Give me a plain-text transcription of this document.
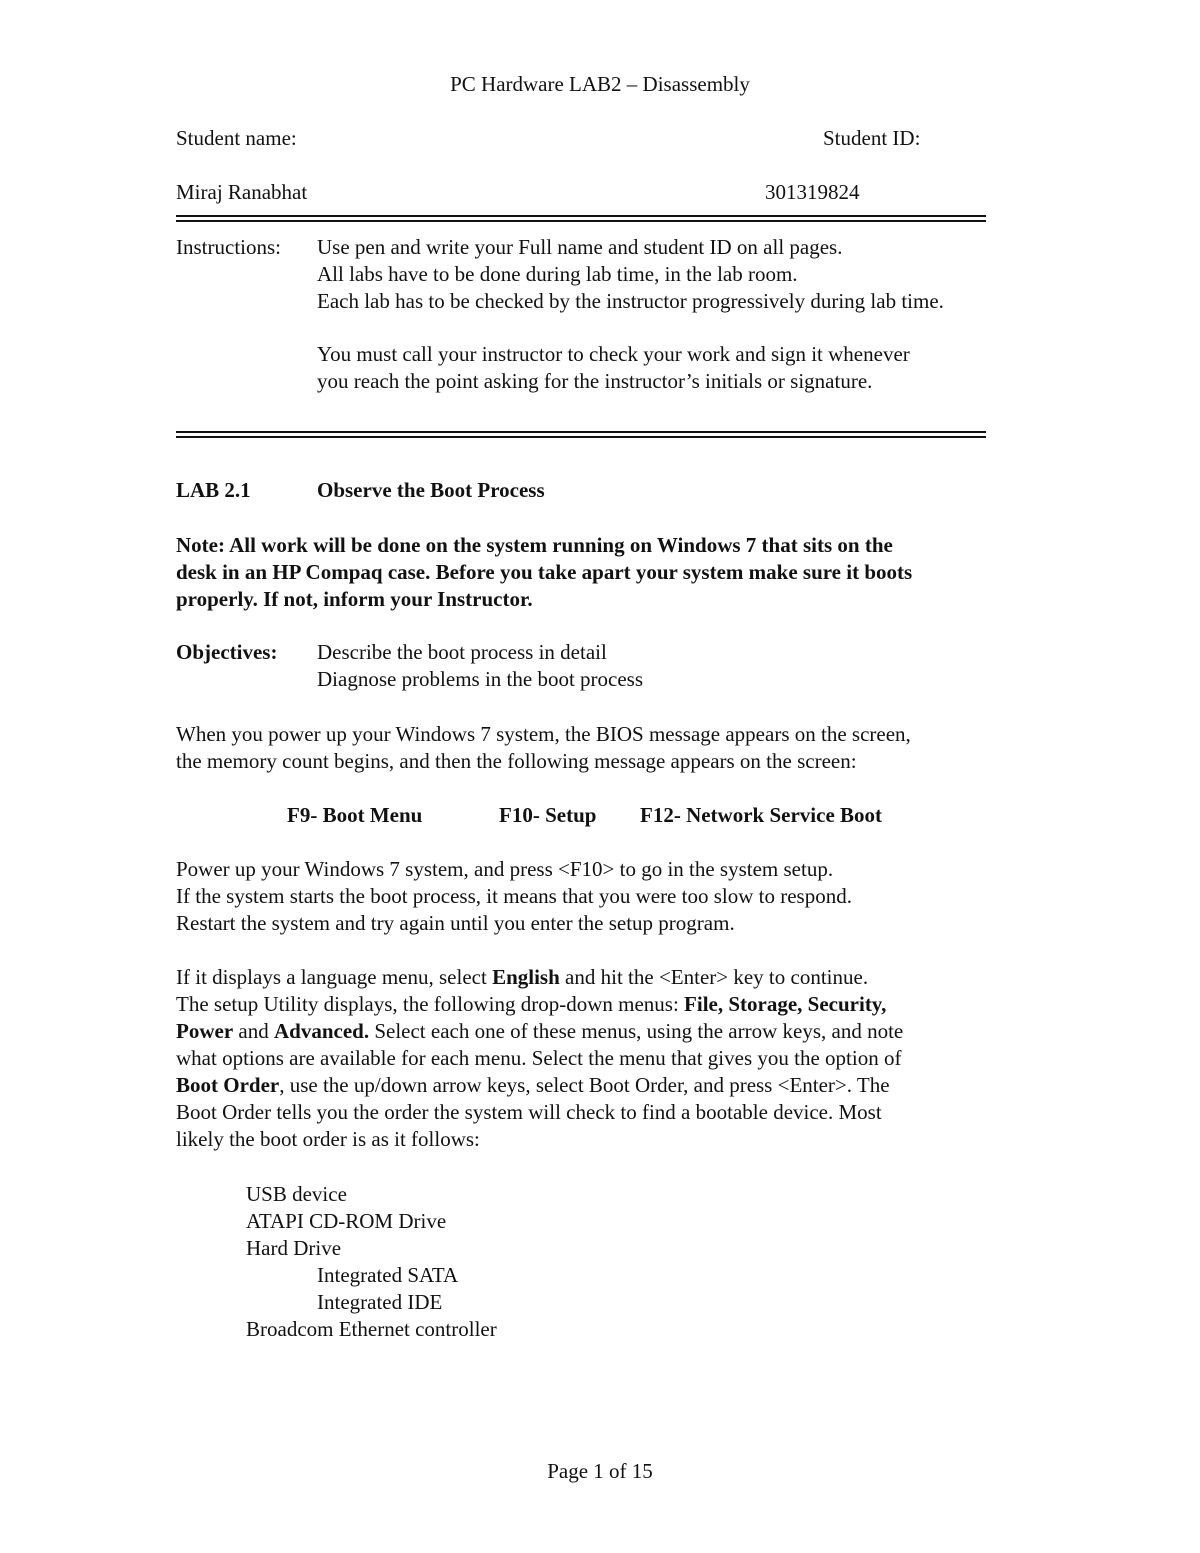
PC Hardware LAB2 – Disassembly
Student name:	Student ID:
Miraj Ranabhat	301319824
Instructions: Use pen and write your Full name and student ID on all pages.
All labs have to be done during lab time, in the lab room.
Each lab has to be checked by the instructor progressively during lab time.
You must call your instructor to check your work and sign it whenever
you reach the point asking for the instructor’s initials or signature.
LAB 2.1	Observe the Boot Process
Note: All work will be done on the system running on Windows 7 that sits on the
desk in an HP Compaq case. Before you take apart your system make sure it boots
properly. If not, inform your Instructor.
Objectives: Describe the boot process in detail
Diagnose problems in the boot process
When you power up your Windows 7 system, the BIOS message appears on the screen,
the memory count begins, and then the following message appears on the screen:
F9- Boot Menu	F10- Setup F12- Network Service Boot
Power up your Windows 7 system, and press <F10> to go in the system setup.
If the system starts the boot process, it means that you were too slow to respond.
Restart the system and try again until you enter the setup program.
If it displays a language menu, select English and hit the <Enter> key to continue.
The setup Utility displays, the following drop-down menus: File, Storage, Security,
Power and Advanced. Select each one of these menus, using the arrow keys, and note
what options are available for each menu. Select the menu that gives you the option of
Boot Order, use the up/down arrow keys, select Boot Order, and press <Enter>. The
Boot Order tells you the order the system will check to find a bootable device. Most
likely the boot order is as it follows:
USB device
ATAPI CD-ROM Drive
Hard Drive
Integrated SATA
Integrated IDE
Broadcom Ethernet controller
Page 1 of 15
